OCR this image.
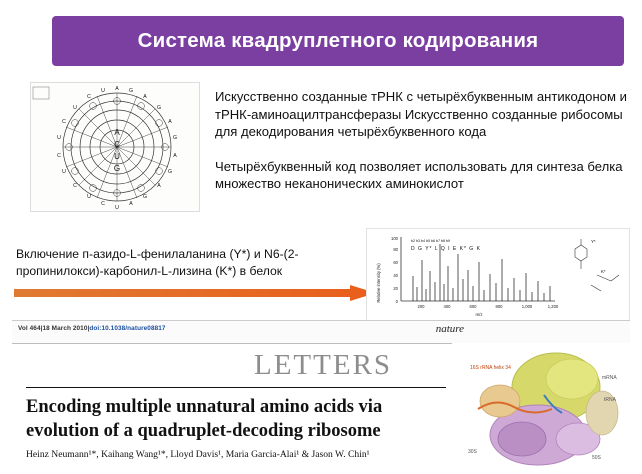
Система квадруплетного кодирования
A
C
U
G
A
U	G
C	A
U	G
C	A
U	G
C	A
U	G
C	A
U	G
C	A
U
Искусственно созданные тРНК с четырёхбуквенным антикодоном и тРНК-аминоацилтрансферазы Искусственно созданные рибосомы для декодирования четырёхбуквенного кода
Четырёхбуквенный код позволяет использовать для синтеза белка множество неканонических аминокислот
Включение п-азидо-L-фенилаланина (Y*) и N6-(2-пропинилокси)-карбонил-L-лизина (K*) в белок
0
20
40
60
80
100
200	400	600	800	1,000	1,200
Relative intensity (%)
m/z
b2 b3 b4 b5 b6 b7 b8 b9
D G Y* L Q I E K* G K
Y*
K*
Vol 464|18 March 2010|doi:10.1038/nature08817	nature
LETTERS
Encoding multiple unnatural amino acids via evolution of a quadruplet-decoding ribosome
Heinz Neumann¹*, Kaihang Wang¹*, Lloyd Davis¹, Maria Garcia-Alai¹ & Jason W. Chin¹
16S rRNA helix 34
mRNA
tRNA
50S
30S
